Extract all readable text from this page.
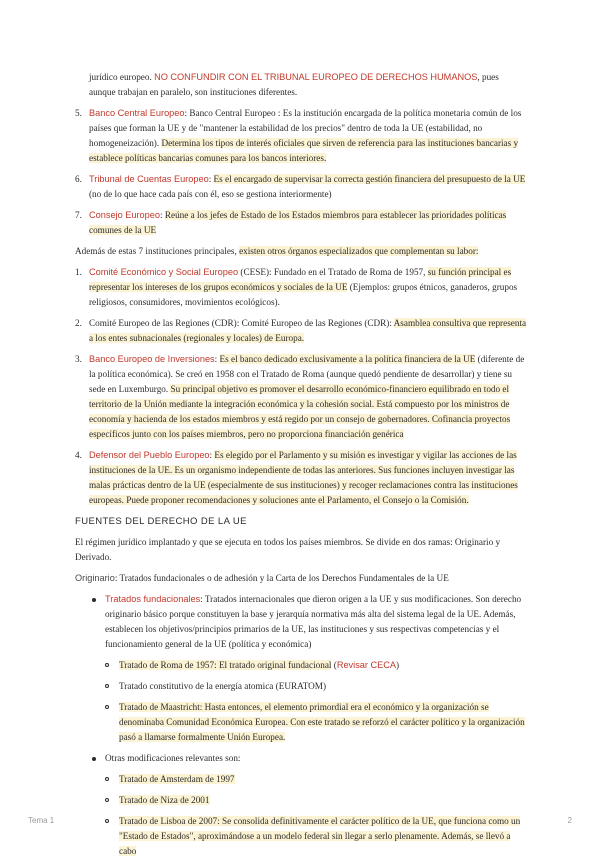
jurídico europeo. NO CONFUNDIR CON EL TRIBUNAL EUROPEO DE DERECHOS HUMANOS, pues aunque trabajan en paralelo, son instituciones diferentes.

5. Banco Central Europeo: Banco Central Europeo : Es la institución encargada de la política monetaria común de los países que forman la UE y de "mantener la estabilidad de los precios" dentro de toda la UE (estabilidad, no homogeneización). Determina los tipos de interés oficiales que sirven de referencia para las instituciones bancarias y establece políticas bancarias comunes para los bancos interiores.
6. Tribunal de Cuentas Europeo: Es el encargado de supervisar la correcta gestión financiera del presupuesto de la UE (no de lo que hace cada país con él, eso se gestiona interiormente)
7. Consejo Europeo: Reúne a los jefes de Estado de los Estados miembros para establecer las prioridades políticas comunes de la UE

Además de estas 7 instituciones principales, existen otros órganos especializados que complementan su labor:

1. Comité Económico y Social Europeo (CESE): Fundado en el Tratado de Roma de 1957, su función principal es representar los intereses de los grupos económicos y sociales de la UE (Ejemplos: grupos étnicos, ganaderos, grupos religiosos, consumidores, movimientos ecológicos).
2. Comité Europeo de las Regiones (CDR): Comité Europeo de las Regiones (CDR): Asamblea consultiva que representa a los entes subnacionales (regionales y locales) de Europa.
3. Banco Europeo de Inversiones: Es el banco dedicado exclusivamente a la política financiera de la UE (diferente de la política económica). Se creó en 1958 con el Tratado de Roma (aunque quedó pendiente de desarrollar) y tiene su sede en Luxemburgo. Su principal objetivo es promover el desarrollo económico-financiero equilibrado en todo el territorio de la Unión mediante la integración económica y la cohesión social. Está compuesto por los ministros de economía y hacienda de los estados miembros y está regido por un consejo de gobernadores. Cofinancia proyectos específicos junto con los países miembros, pero no proporciona financiación genérica
4. Defensor del Pueblo Europeo: Es elegido por el Parlamento y su misión es investigar y vigilar las acciones de las instituciones de la UE. Es un organismo independiente de todas las anteriores. Sus funciones incluyen investigar las malas prácticas dentro de la UE (especialmente de sus instituciones) y recoger reclamaciones contra las instituciones europeas. Puede proponer recomendaciones y soluciones ante el Parlamento, el Consejo o la Comisión.
FUENTES DEL DERECHO DE LA UE

El régimen jurídico implantado y que se ejecuta en todos los países miembros. Se divide en dos ramas: Originario y Derivado.

Originario: Tratados fundacionales o de adhesión y la Carta de los Derechos Fundamentales de la UE

Tratados fundacionales: Tratados internacionales que dieron origen a la UE y sus modificaciones. Son derecho originario básico porque constituyen la base y jerarquía normativa más alta del sistema legal de la UE. Además, establecen los objetivos/principios primarios de la UE, las instituciones y sus respectivas competencias y el funcionamiento general de la UE (política y económica)
Tratado de Roma de 1957: El tratado original fundacional (Revisar CECA)
Tratado constitutivo de la energía atomica (EURATOM)
Tratado de Maastricht: Hasta entonces, el elemento primordial era el económico y la organización se denominaba Comunidad Económica Europea. Con este tratado se reforzó el carácter político y la organización pasó a llamarse formalmente Unión Europea.
Otras modificaciones relevantes son:
Tratado de Amsterdam de 1997
Tratado de Niza de 2001
Tratado de Lisboa de 2007: Se consolida definitivamente el carácter político de la UE, que funciona como un "Estado de Estados", aproximándose a un modelo federal sin llegar a serlo plenamente. Además, se llevó a cabo
Tema 1	2
